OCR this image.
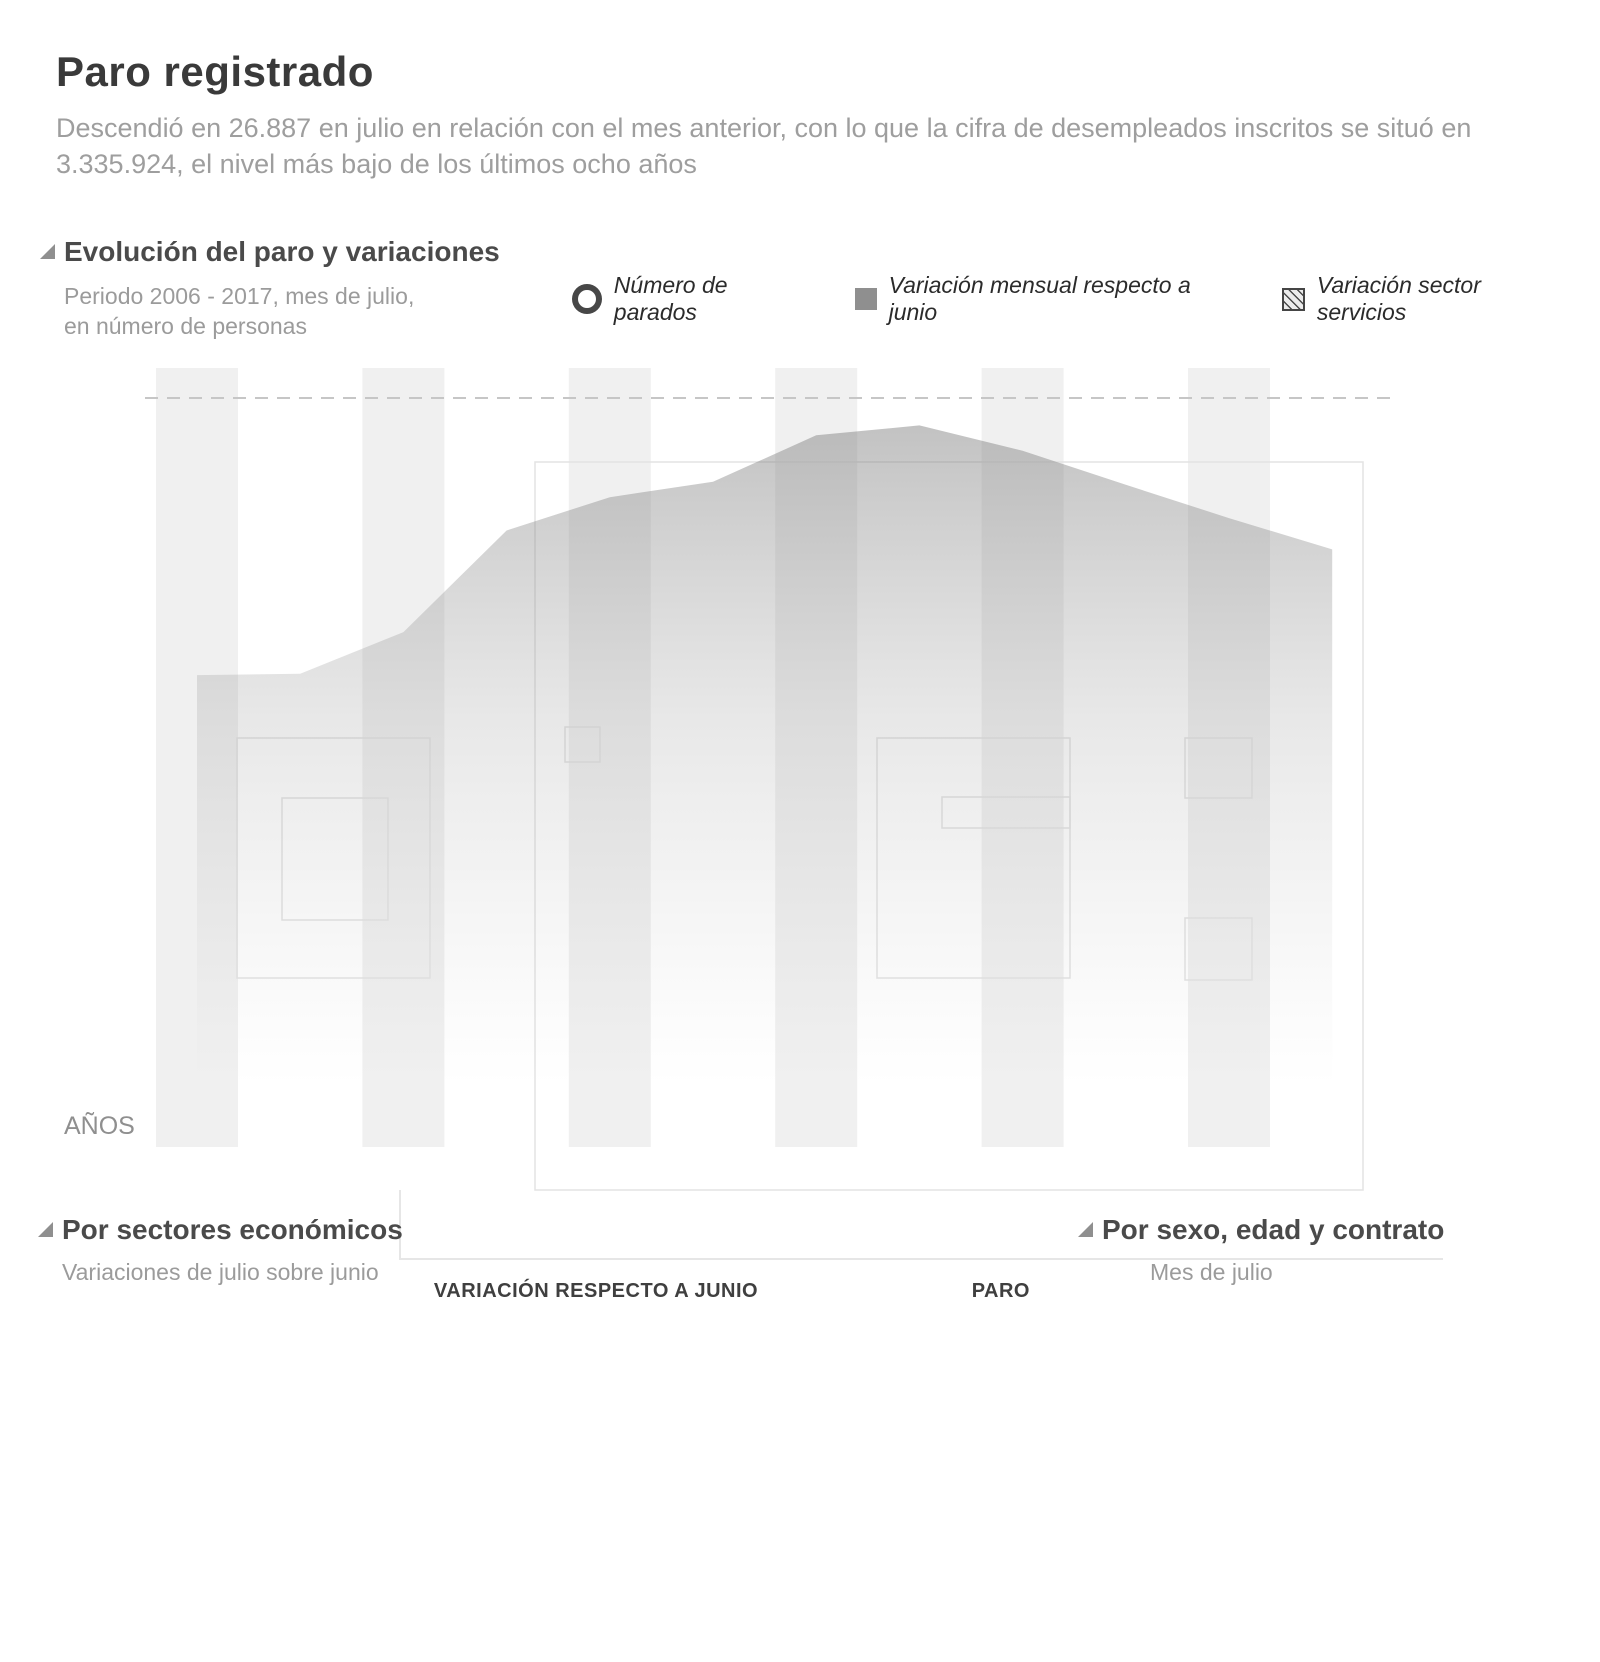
Paro registrado
Descendió en 26.887 en julio en relación con el mes anterior, con lo que la cifra de desempleados inscritos se situó en 3.335.924, el nivel más bajo de los últimos ocho años
Evolución del paro y variaciones
Periodo 2006 - 2017, mes de julio,
en número de personas
Número de parados
Variación mensual respecto a junio
Variación sector servicios
AÑOS
Por sectores económicos
Variaciones de julio sobre junio
VARIACIÓN RESPECTO A JUNIO	PARO
Por sexo, edad y contrato
Mes de julio
